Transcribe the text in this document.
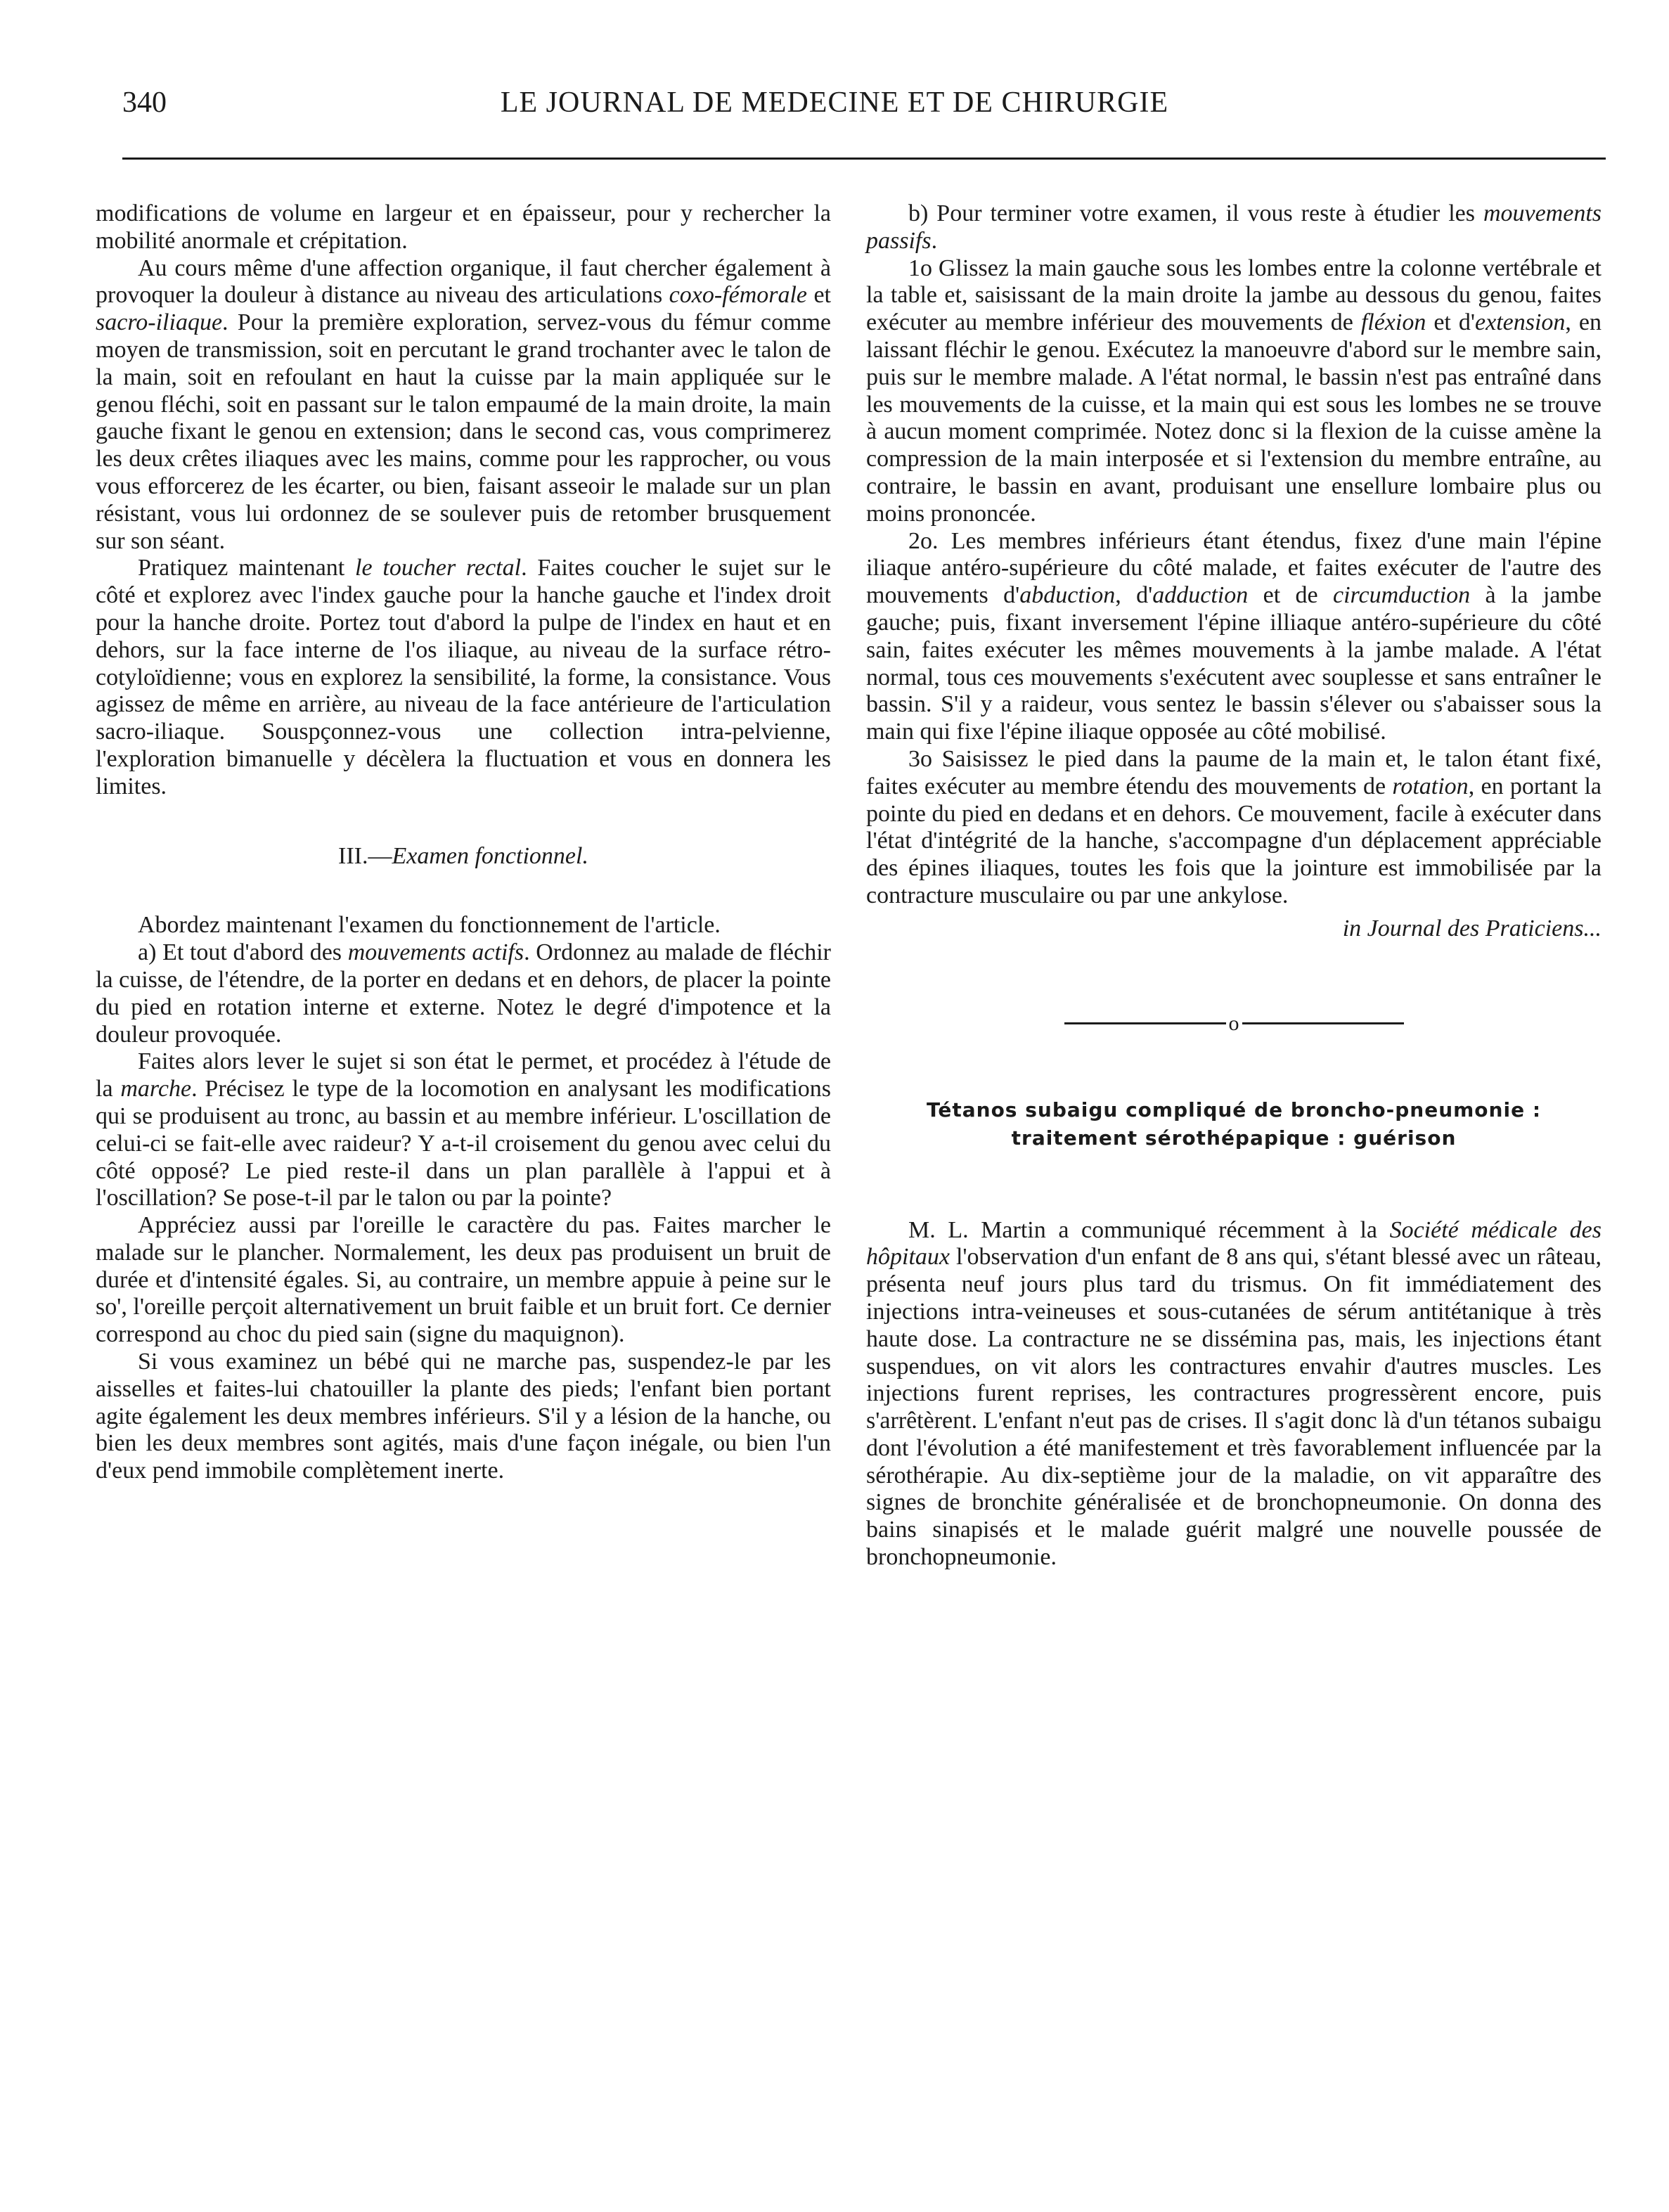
340	LE JOURNAL DE MEDECINE ET DE CHIRURGIE

modifications de volume en largeur et en épaisseur, pour y rechercher la mobilité anormale et crépitation.

Au cours même d'une affection organique, il faut chercher également à provoquer la douleur à distance au niveau des articulations coxo-fémorale et sacro-iliaque. Pour la première exploration, servez-vous du fémur comme moyen de transmission, soit en percutant le grand trochanter avec le talon de la main, soit en refoulant en haut la cuisse par la main appliquée sur le genou fléchi, soit en passant sur le talon empaumé de la main droite, la main gauche fixant le genou en extension; dans le second cas, vous comprimerez les deux crêtes iliaques avec les mains, comme pour les rapprocher, ou vous vous efforcerez de les écarter, ou bien, faisant asseoir le malade sur un plan résistant, vous lui ordonnez de se soulever puis de retomber brusquement sur son séant.

Pratiquez maintenant le toucher rectal. Faites coucher le sujet sur le côté et explorez avec l'index gauche pour la hanche gauche et l'index droit pour la hanche droite. Portez tout d'abord la pulpe de l'index en haut et en dehors, sur la face interne de l'os iliaque, au niveau de la surface rétro-cotyloïdienne; vous en explorez la sensibilité, la forme, la consistance. Vous agissez de même en arrière, au niveau de la face antérieure de l'articulation sacro-iliaque. Souspçonnez-vous une collection intra-pelvienne, l'exploration bimanuelle y décèlera la fluctuation et vous en donnera les limites.

III.—Examen fonctionnel.

Abordez maintenant l'examen du fonctionnement de l'article.

a) Et tout d'abord des mouvements actifs. Ordonnez au malade de fléchir la cuisse, de l'étendre, de la porter en dedans et en dehors, de placer la pointe du pied en rotation interne et externe. Notez le degré d'impotence et la douleur provoquée.

Faites alors lever le sujet si son état le permet, et procédez à l'étude de la marche. Précisez le type de la locomotion en analysant les modifications qui se produisent au tronc, au bassin et au membre inférieur. L'oscillation de celui-ci se fait-elle avec raideur? Y a-t-il croisement du genou avec celui du côté opposé? Le pied reste-il dans un plan parallèle à l'appui et à l'oscillation? Se pose-t-il par le talon ou par la pointe?

Appréciez aussi par l'oreille le caractère du pas. Faites marcher le malade sur le plancher. Normalement, les deux pas produisent un bruit de durée et d'intensité égales. Si, au contraire, un membre appuie à peine sur le so', l'oreille perçoit alternativement un bruit faible et un bruit fort. Ce dernier correspond au choc du pied sain (signe du maquignon).

Si vous examinez un bébé qui ne marche pas, suspendez-le par les aisselles et faites-lui chatouiller la plante des pieds; l'enfant bien portant agite également les deux membres inférieurs. S'il y a lésion de la hanche, ou bien les deux membres sont agités, mais d'une façon inégale, ou bien l'un d'eux pend immobile complètement inerte.

b) Pour terminer votre examen, il vous reste à étudier les mouvements passifs.

1o Glissez la main gauche sous les lombes entre la colonne vertébrale et la table et, saisissant de la main droite la jambe au dessous du genou, faites exécuter au membre inférieur des mouvements de fléxion et d'extension, en laissant fléchir le genou. Exécutez la manoeuvre d'abord sur le membre sain, puis sur le membre malade. A l'état normal, le bassin n'est pas entraîné dans les mouvements de la cuisse, et la main qui est sous les lombes ne se trouve à aucun moment comprimée. Notez donc si la flexion de la cuisse amène la compression de la main interposée et si l'extension du membre entraîne, au contraire, le bassin en avant, produisant une ensellure lombaire plus ou moins prononcée.

2o. Les membres inférieurs étant étendus, fixez d'une main l'épine iliaque antéro-supérieure du côté malade, et faites exécuter de l'autre des mouvements d'abduction, d'adduction et de circumduction à la jambe gauche; puis, fixant inversement l'épine illiaque antéro-supérieure du côté sain, faites exécuter les mêmes mouvements à la jambe malade. A l'état normal, tous ces mouvements s'exécutent avec souplesse et sans entraîner le bassin. S'il y a raideur, vous sentez le bassin s'élever ou s'abaisser sous la main qui fixe l'épine iliaque opposée au côté mobilisé.

3o Saisissez le pied dans la paume de la main et, le talon étant fixé, faites exécuter au membre étendu des mouvements de rotation, en portant la pointe du pied en dedans et en dehors. Ce mouvement, facile à exécuter dans l'état d'intégrité de la hanche, s'accompagne d'un déplacement appréciable des épines iliaques, toutes les fois que la jointure est immobilisée par la contracture musculaire ou par une ankylose.

in Journal des Praticiens...
o
Tétanos subaigu compliqué de broncho-pneumonie :
traitement sérothépapique : guérison

M. L. Martin a communiqué récemment à la Société médicale des hôpitaux l'observation d'un enfant de 8 ans qui, s'étant blessé avec un râteau, présenta neuf jours plus tard du trismus. On fit immédiatement des injections intra-veineuses et sous-cutanées de sérum antitétanique à très haute dose. La contracture ne se dissémina pas, mais, les injections étant suspendues, on vit alors les contractures envahir d'autres muscles. Les injections furent reprises, les contractures progressèrent encore, puis s'arrêtèrent. L'enfant n'eut pas de crises. Il s'agit donc là d'un tétanos subaigu dont l'évolution a été manifestement et très favorablement influencée par la sérothérapie. Au dix-septième jour de la maladie, on vit apparaître des signes de bronchite généralisée et de bronchopneumonie. On donna des bains sinapisés et le malade guérit malgré une nouvelle poussée de bronchopneumonie.
